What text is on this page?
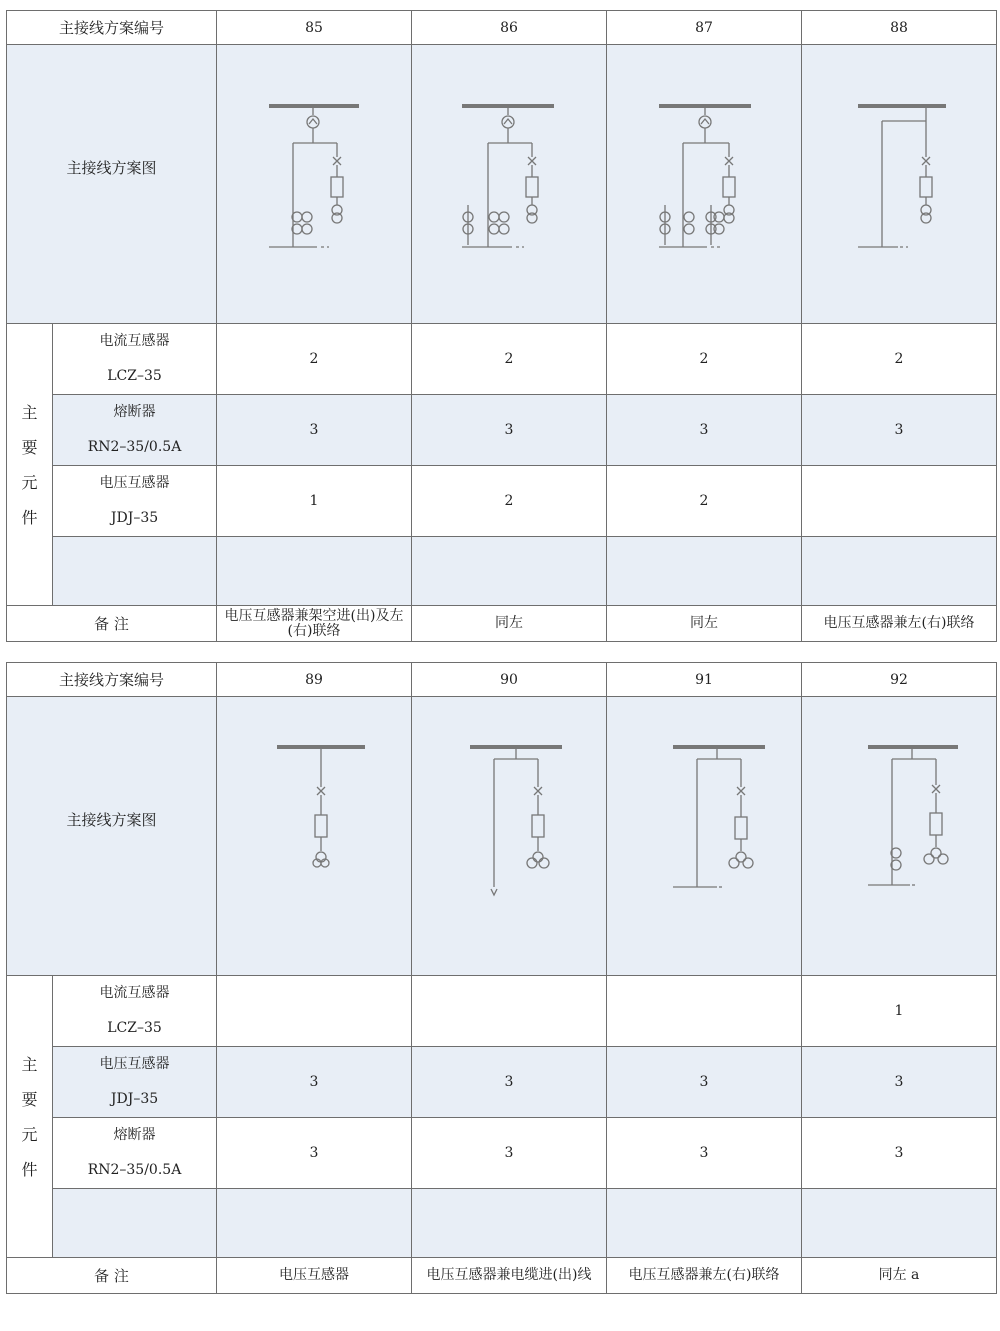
主接线方案编号		85	86	87	88
主接线方案图	

主
要
元
件	电流互感器
LCZ–35	2	2	2	2

	熔断器
RN2–35/0.5A	3	3	3	3

	电压互感器
JDJ–35	1	2	2	

备 注		电压互感器兼架空进(出)及左(右)联络	同左	同左	电压互感器兼左(右)联络
主接线方案编号		89	90	91	92
主接线方案图	

主
要
元
件	电流互感器
LCZ–35				1

	电压互感器
JDJ–35	3	3	3	3

	熔断器
RN2–35/0.5A	3	3	3	3

备 注		电压互感器	电压互感器兼电缆进(出)线	电压互感器兼左(右)联络	同左 a
